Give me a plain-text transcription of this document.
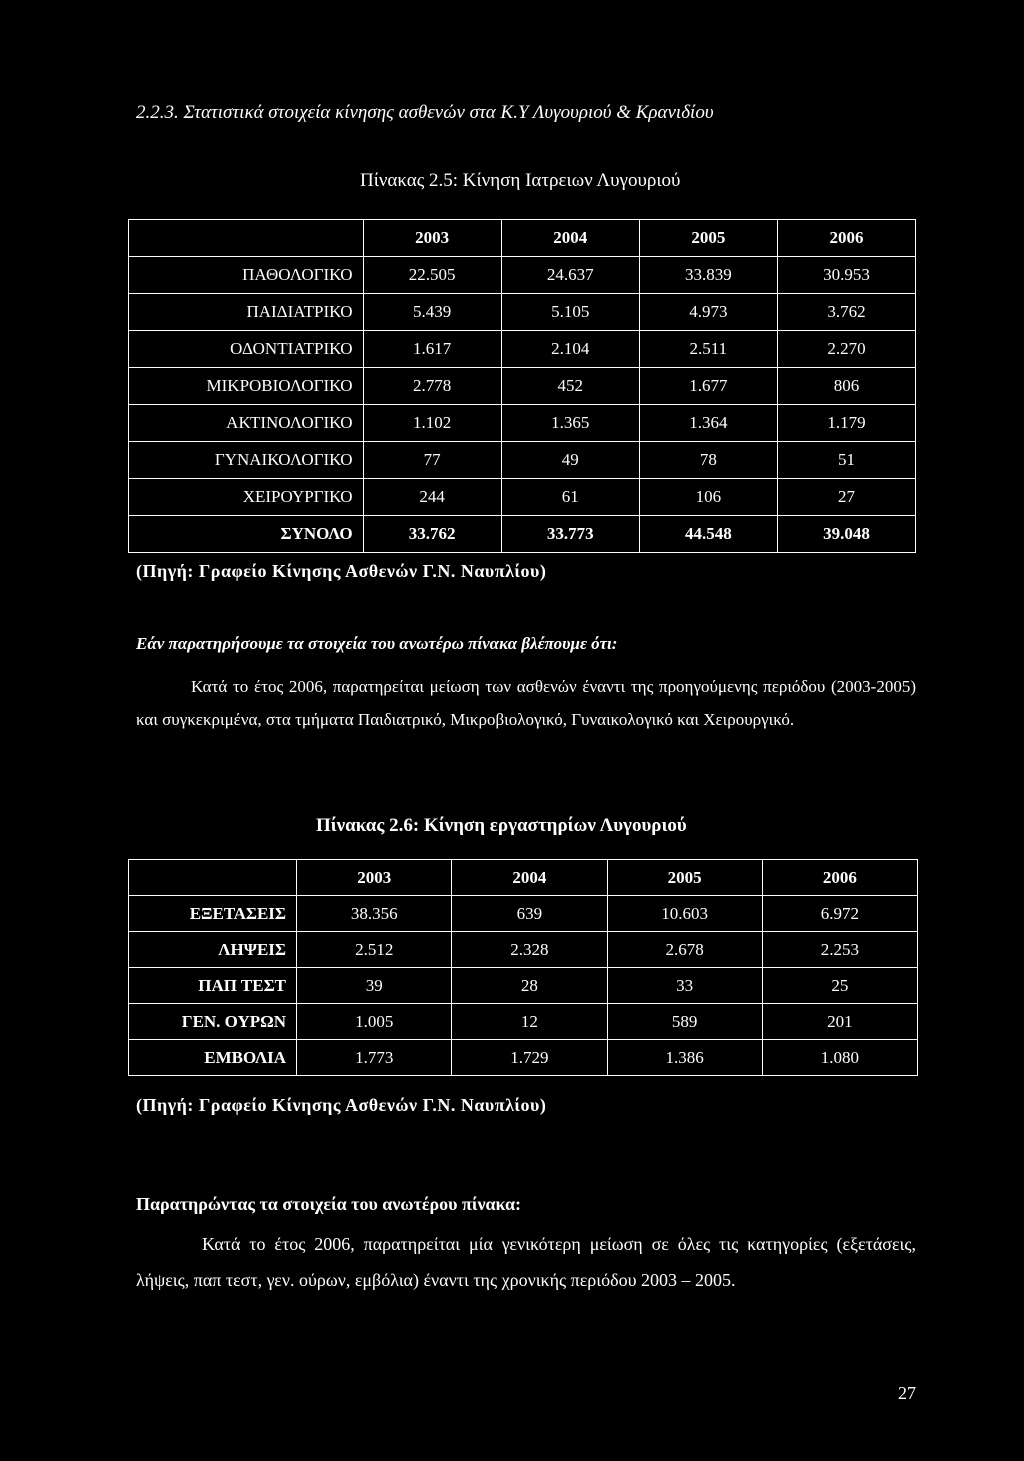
2.2.3. Στατιστικά στοιχεία κίνησης ασθενών στα Κ.Υ Λυγουριού & Κρανιδίου
Πίνακας 2.5: Κίνηση Ιατρειων Λυγουριού
	2003	2004	2005	2006
ΠΑΘΟΛΟΓΙΚΟ	22.505	24.637	33.839	30.953
ΠΑΙΔΙΑΤΡΙΚΟ	5.439	5.105	4.973	3.762
ΟΔΟΝΤΙΑΤΡΙΚΟ	1.617	2.104	2.511	2.270
ΜΙΚΡΟΒΙΟΛΟΓΙΚΟ	2.778	452	1.677	806
ΑΚΤΙΝΟΛΟΓΙΚΟ	1.102	1.365	1.364	1.179
ΓΥΝΑΙΚΟΛΟΓΙΚΟ	77	49	78	51
ΧΕΙΡΟΥΡΓΙΚΟ	244	61	106	27
ΣΥΝΟΛΟ	33.762	33.773	44.548	39.048
(Πηγή: Γραφείο Κίνησης Ασθενών Γ.Ν. Ναυπλίου)
Εάν παρατηρήσουμε τα στοιχεία του ανωτέρω πίνακα βλέπουμε ότι:
Κατά το έτος 2006, παρατηρείται μείωση των ασθενών έναντι της προηγούμενης περιόδου (2003-2005) και συγκεκριμένα, στα τμήματα Παιδιατρικό, Μικροβιολογικό, Γυναικολογικό και Χειρουργικό.
Πίνακας 2.6: Κίνηση εργαστηρίων Λυγουριού
	2003	2004	2005	2006
ΕΞΕΤΑΣΕΙΣ	38.356	639	10.603	6.972
ΛΗΨΕΙΣ	2.512	2.328	2.678	2.253
ΠΑΠ ΤΕΣΤ	39	28	33	25
ΓΕΝ. ΟΥΡΩΝ	1.005	12	589	201
ΕΜΒΟΛΙΑ	1.773	1.729	1.386	1.080
(Πηγή: Γραφείο Κίνησης Ασθενών Γ.Ν. Ναυπλίου)
Παρατηρώντας τα στοιχεία του ανωτέρου πίνακα:
Κατά το έτος 2006, παρατηρείται μία γενικότερη μείωση σε όλες τις κατηγορίες (εξετάσεις, λήψεις, παπ τεστ, γεν. ούρων, εμβόλια) έναντι της χρονικής περιόδου 2003 – 2005.
27
